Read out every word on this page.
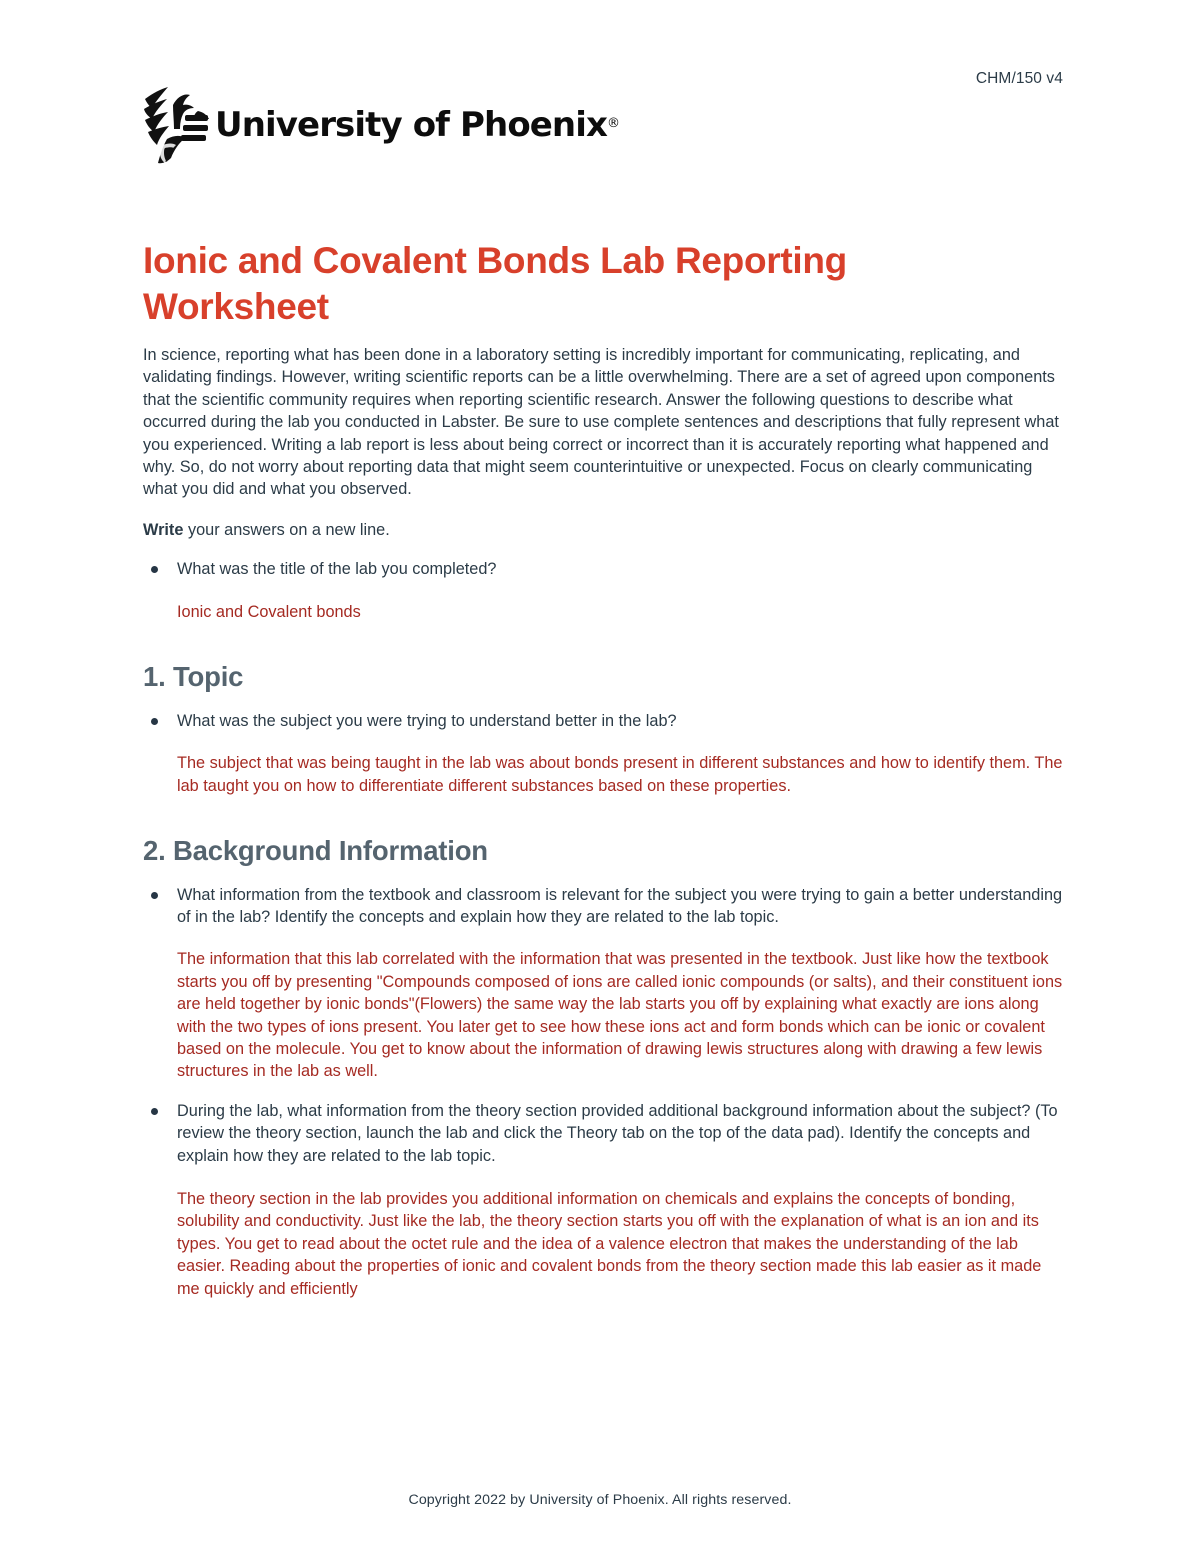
CHM/150 v4
University of Phoenix®
Ionic and Covalent Bonds Lab Reporting Worksheet

In science, reporting what has been done in a laboratory setting is incredibly important for communicating, replicating, and validating findings. However, writing scientific reports can be a little overwhelming. There are a set of agreed upon components that the scientific community requires when reporting scientific research. Answer the following questions to describe what occurred during the lab you conducted in Labster. Be sure to use complete sentences and descriptions that fully represent what you experienced. Writing a lab report is less about being correct or incorrect than it is accurately reporting what happened and why. So, do not worry about reporting data that might seem counterintuitive or unexpected. Focus on clearly communicating what you did and what you observed.

Write your answers on a new line.

What was the title of the lab you completed?

Ionic and Covalent bonds

1. Topic
What was the subject you were trying to understand better in the lab?

The subject that was being taught in the lab was about bonds present in different substances and how to identify them. The lab taught you on how to differentiate different substances based on these properties.

2. Background Information
What information from the textbook and classroom is relevant for the subject you were trying to gain a better understanding of in the lab? Identify the concepts and explain how they are related to the lab topic.

The information that this lab correlated with the information that was presented in the textbook. Just like how the textbook starts you off by presenting "Compounds composed of ions are called ionic compounds (or salts), and their constituent ions are held together by ionic bonds"(Flowers) the same way the lab starts you off by explaining what exactly are ions along with the two types of ions present. You later get to see how these ions act and form bonds which can be ionic or covalent based on the molecule. You get to know about the information of drawing lewis structures along with drawing a few lewis structures in the lab as well.

During the lab, what information from the theory section provided additional background information about the subject? (To review the theory section, launch the lab and click the Theory tab on the top of the data pad). Identify the concepts and explain how they are related to the lab topic.

The theory section in the lab provides you additional information on chemicals and explains the concepts of bonding, solubility and conductivity. Just like the lab, the theory section starts you off with the explanation of what is an ion and its types. You get to read about the octet rule and the idea of a valence electron that makes the understanding of the lab easier. Reading about the properties of ionic and covalent bonds from the theory section made this lab easier as it made me quickly and efficiently

Copyright 2022 by University of Phoenix. All rights reserved.
